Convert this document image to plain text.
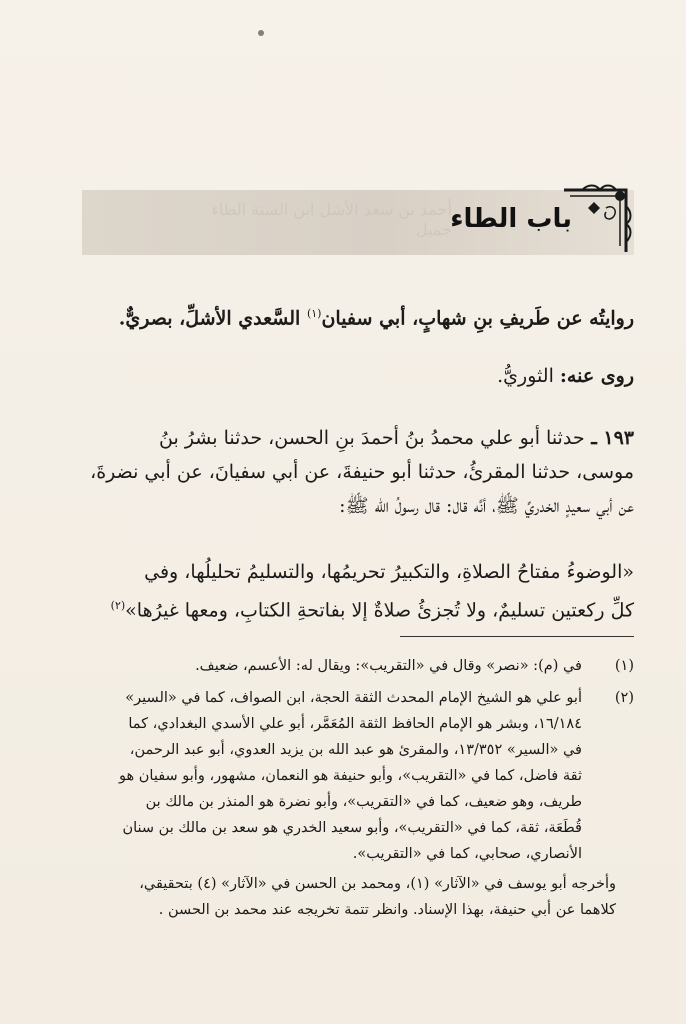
أحمد بن سعد الأشل ابن السنة الطاء جميل
باب الطاء
روايتُه عن طَريفِ بنِ شهابٍ، أبي سفيان$^{(١)}$ السَّعدي الأشلِّ، بصريٌّ.
روى عنه: الثوريُّ.
١٩٣ ـ حدثنا أبو علي محمدُ بنُ أحمدَ بنِ الحسن، حدثنا بشرُ بنُ
موسى، حدثنا المقرئُ، حدثنا أبو حنيفةَ، عن أبي سفيانَ، عن أبي نضرةَ،
عن أبي سعيدٍ الخدريِّ ﷺ، أنَّه قال: قال رسولُ الله ﷺ:
«الوضوءُ مفتاحُ الصلاةِ، والتكبيرُ تحريمُها، والتسليمُ تحليلُها، وفي
كلِّ ركعتين تسليمٌ، ولا تُجزئُ صلاةٌ إلا بفاتحةِ الكتابِ، ومعها غيرُها»$^{(٢)}$
(١)
في (م): «نصر» وقال في «التقريب»: ويقال له: الأعسم، ضعيف.
(٢)
أبو علي هو الشيخ الإمام المحدث الثقة الحجة، ابن الصواف، كما في «السير»
١٦/١٨٤، وبشر هو الإمام الحافظ الثقة المُعَمَّر، أبو علي الأسدي البغدادي، كما
في «السير» ١٣/٣٥٢، والمقرئ هو عبد الله بن يزيد العدوي، أبو عبد الرحمن،
ثقة فاضل، كما في «التقريب»، وأبو حنيفة هو النعمان، مشهور، وأبو سفيان هو
طريف، وهو ضعيف، كما في «التقريب»، وأبو نضرة هو المنذر بن مالك بن
قُطَعَة، ثقة، كما في «التقريب»، وأبو سعيد الخدري هو سعد بن مالك بن سنان
الأنصاري، صحابي، كما في «التقريب».
وأخرجه أبو يوسف في «الآثار» (١)، ومحمد بن الحسن في «الآثار» (٤) بتحقيقي،
كلاهما عن أبي حنيفة، بهذا الإسناد. وانظر تتمة تخريجه عند محمد بن الحسن .
